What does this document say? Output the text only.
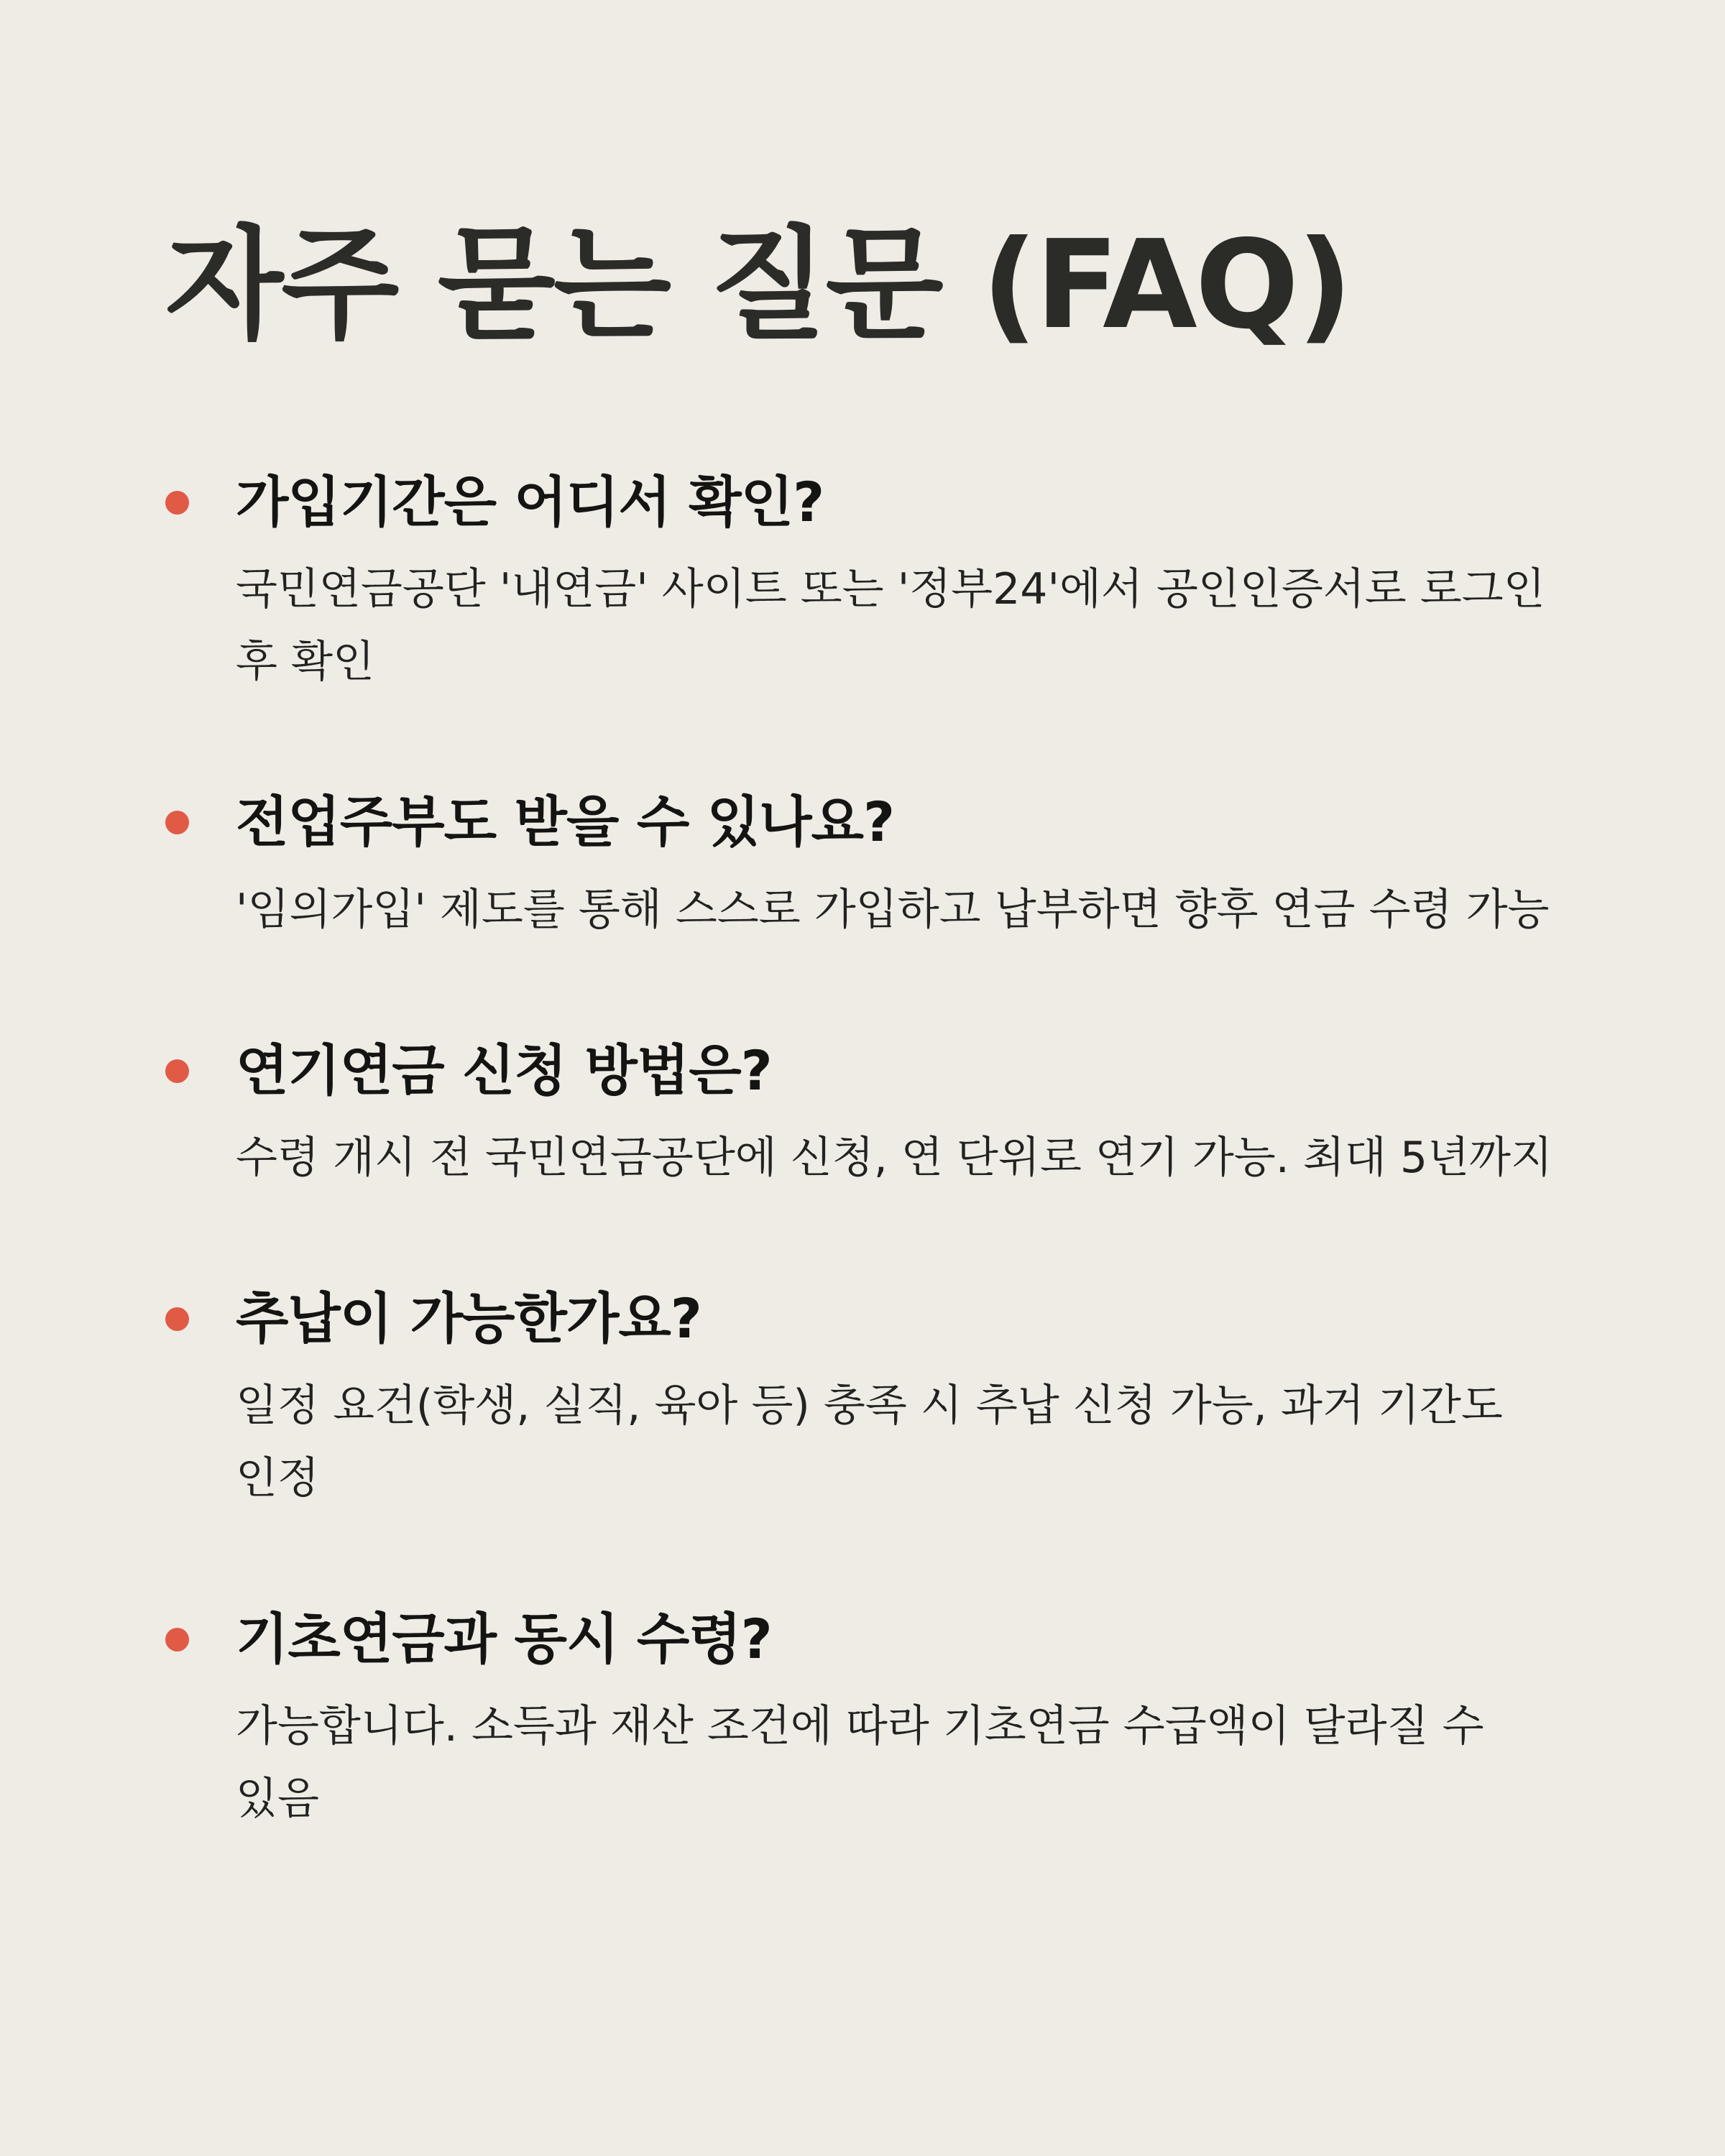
자주 묻는 질문 (FAQ)
가입기간은 어디서 확인?
국민연금공단 '내연금' 사이트 또는 '정부24'에서 공인인증서로 로그인 후 확인
전업주부도 받을 수 있나요?
'임의가입' 제도를 통해 스스로 가입하고 납부하면 향후 연금 수령 가능
연기연금 신청 방법은?
수령 개시 전 국민연금공단에 신청, 연 단위로 연기 가능. 최대 5년까지
추납이 가능한가요?
일정 요건(학생, 실직, 육아 등) 충족 시 추납 신청 가능, 과거 기간도 인정
기초연금과 동시 수령?
가능합니다. 소득과 재산 조건에 따라 기초연금 수급액이 달라질 수 있음
